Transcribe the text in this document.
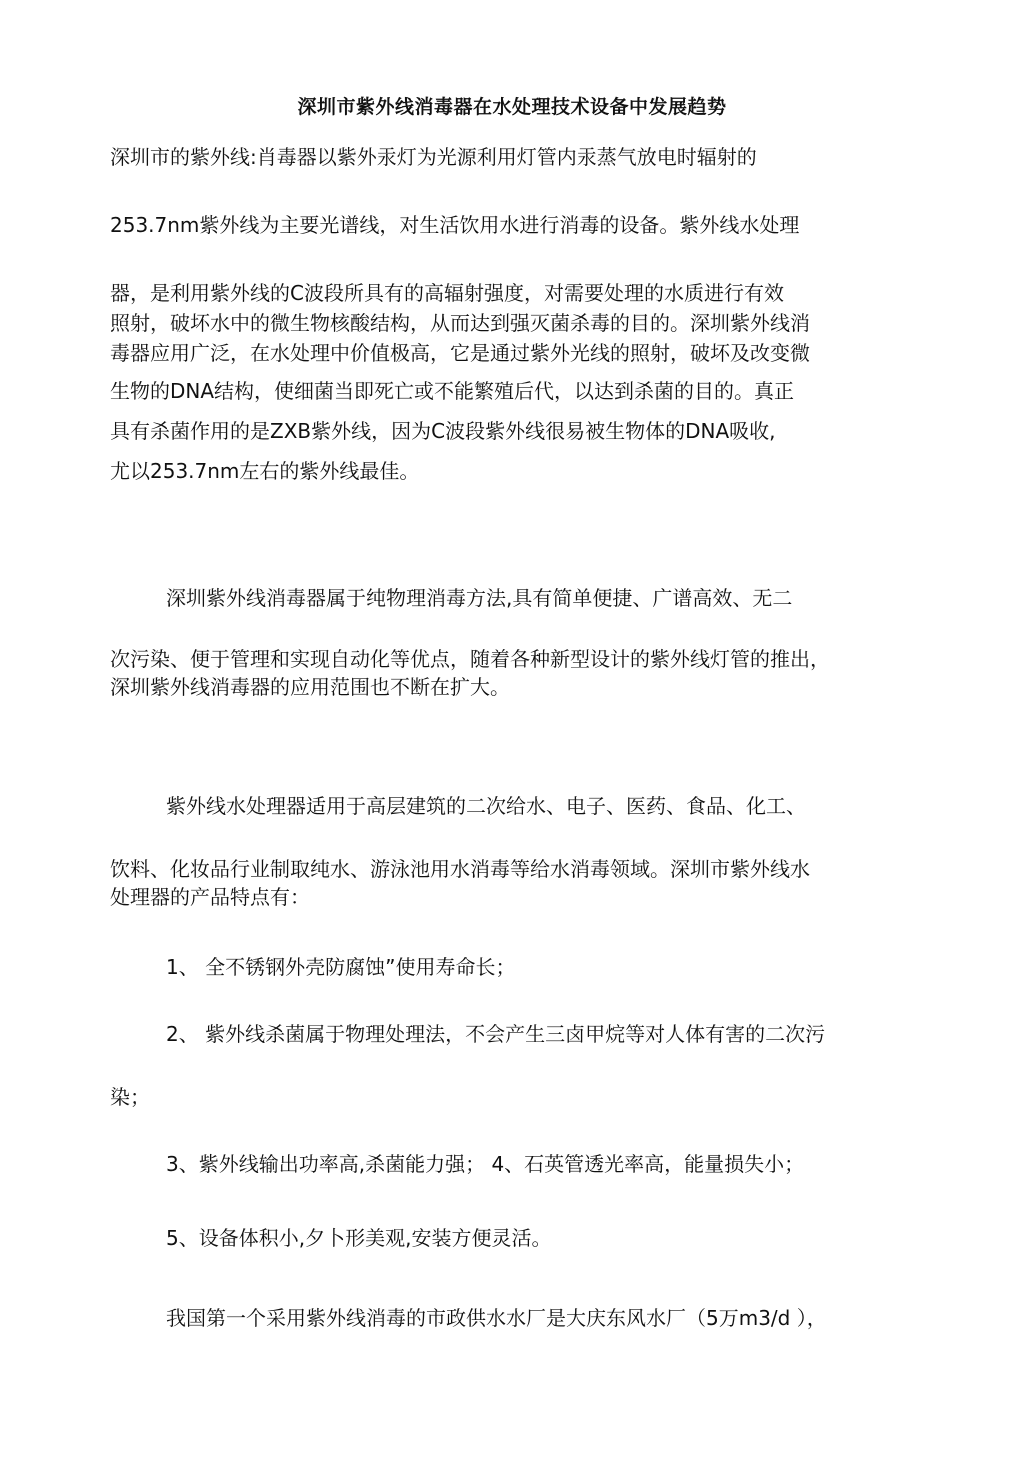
深圳市紫外线消毒器在水处理技术设备中发展趋势
深圳市的紫外线:肖毒器以紫外汞灯为光源利用灯管内汞蒸气放电时辐射的
253.7nm紫外线为主要光谱线，对生活饮用水进行消毒的设备。紫外线水处理
器，是利用紫外线的C波段所具有的高辐射强度，对需要处理的水质进行有效
照射，破坏水中的微生物核酸结构，从而达到强灭菌杀毒的目的。深圳紫外线消
毒器应用广泛，在水处理中价值极高，它是通过紫外光线的照射，破坏及改变微
生物的DNA结构，使细菌当即死亡或不能繁殖后代，以达到杀菌的目的。真正
具有杀菌作用的是ZXB紫外线，因为C波段紫外线很易被生物体的DNA吸收,
尤以253.7nm左右的紫外线最佳。
深圳紫外线消毒器属于纯物理消毒方法,具有简单便捷、广谱高效、无二
次污染、便于管理和实现自动化等优点，随着各种新型设计的紫外线灯管的推出，
深圳紫外线消毒器的应用范围也不断在扩大。
紫外线水处理器适用于高层建筑的二次给水、电子、医药、食品、化工、
饮料、化妆品行业制取纯水、游泳池用水消毒等给水消毒领域。深圳市紫外线水
处理器的产品特点有：
1、 全不锈钢外壳防腐蚀”使用寿命长；
2、 紫外线杀菌属于物理处理法，不会产生三卤甲烷等对人体有害的二次污
染；
3、紫外线输出功率高,杀菌能力强； 4、石英管透光率高，能量损失小；
5、设备体积小,夕卜形美观,安装方便灵活。
我国第一个采用紫外线消毒的市政供水水厂是大庆东风水厂（5万m3/d ），
